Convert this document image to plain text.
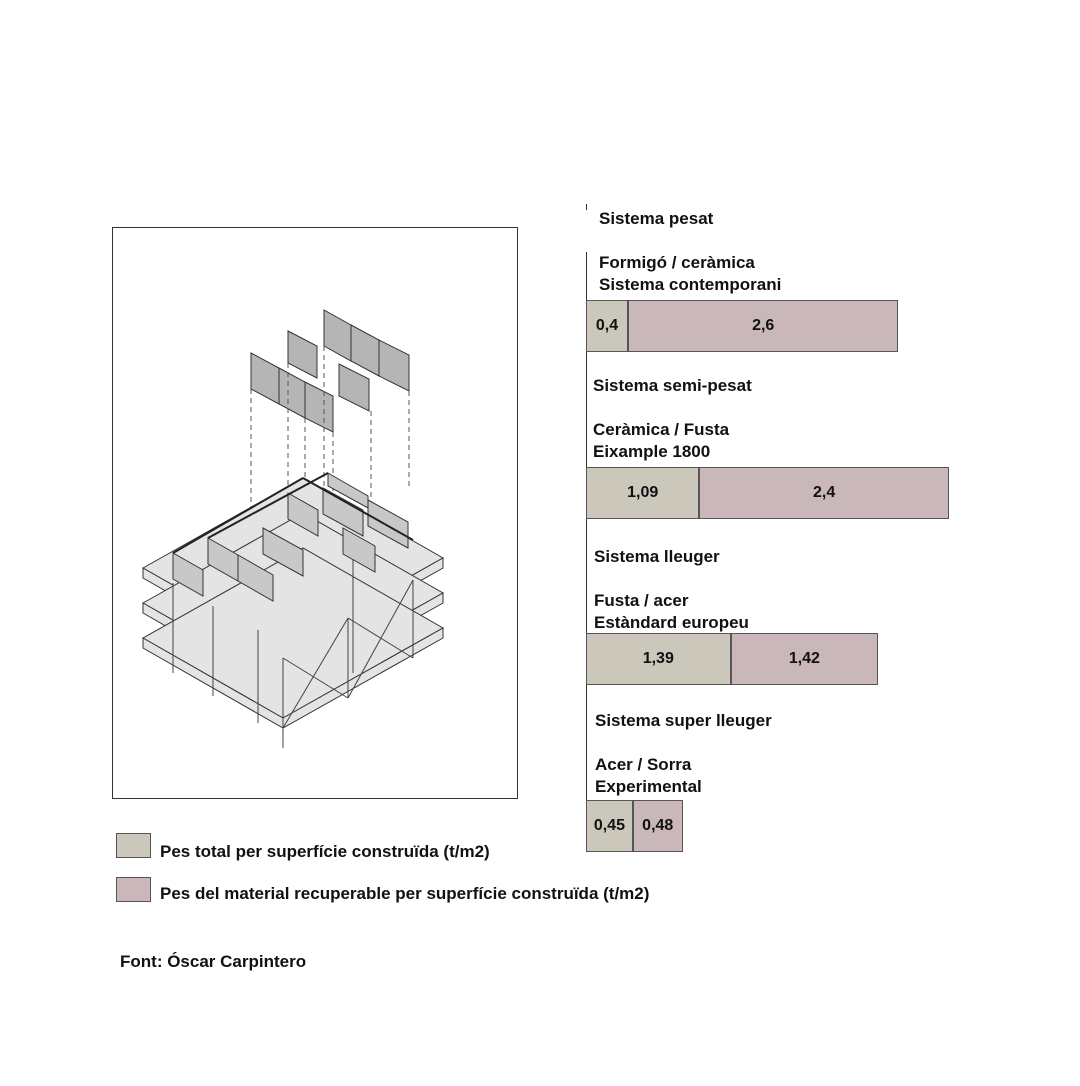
Sistema pesat
Formigó / ceràmica
Sistema contemporani
Sistema semi-pesat
Ceràmica / Fusta
Eixample 1800
Sistema lleuger
Fusta / acer
Estàndard europeu
Sistema super lleuger
Acer / Sorra
Experimental
0,4	2,6
1,09	2,4
1,39	1,42
0,45	0,48
Pes total per superfície construïda (t/m2)
Pes del material recuperable per superfície construïda (t/m2)
Font: Óscar Carpintero
